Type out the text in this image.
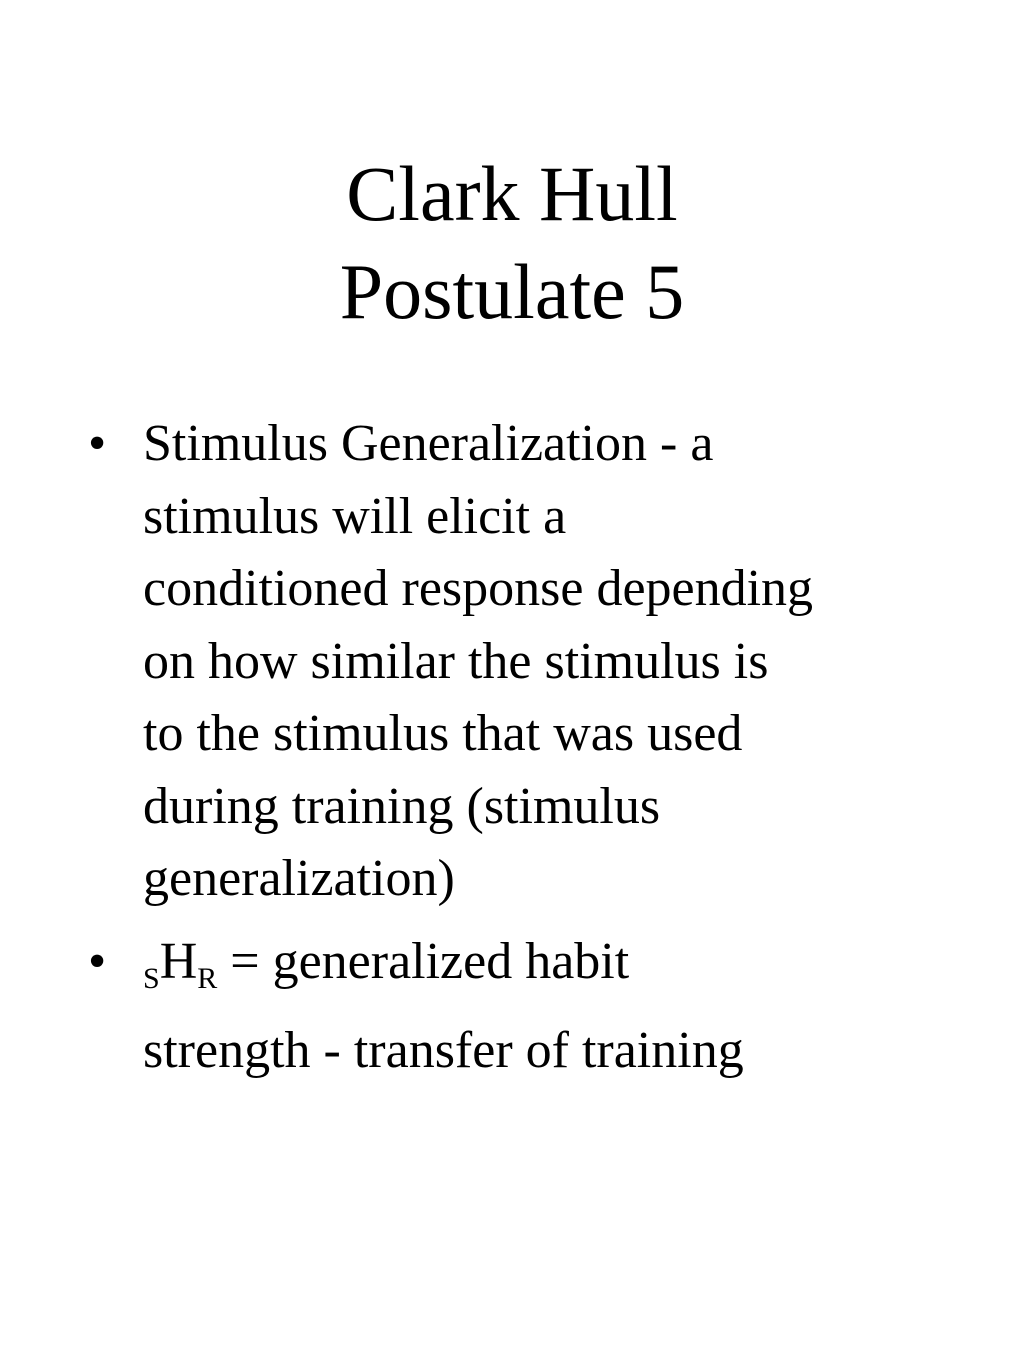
Clark Hull
Postulate 5
• Stimulus Generalization - a
stimulus will elicit a
conditioned response depending
on how similar the stimulus is
to the stimulus that was used
during training (stimulus
generalization)
• $_SH_R$ = generalized habit
strength - transfer of training
